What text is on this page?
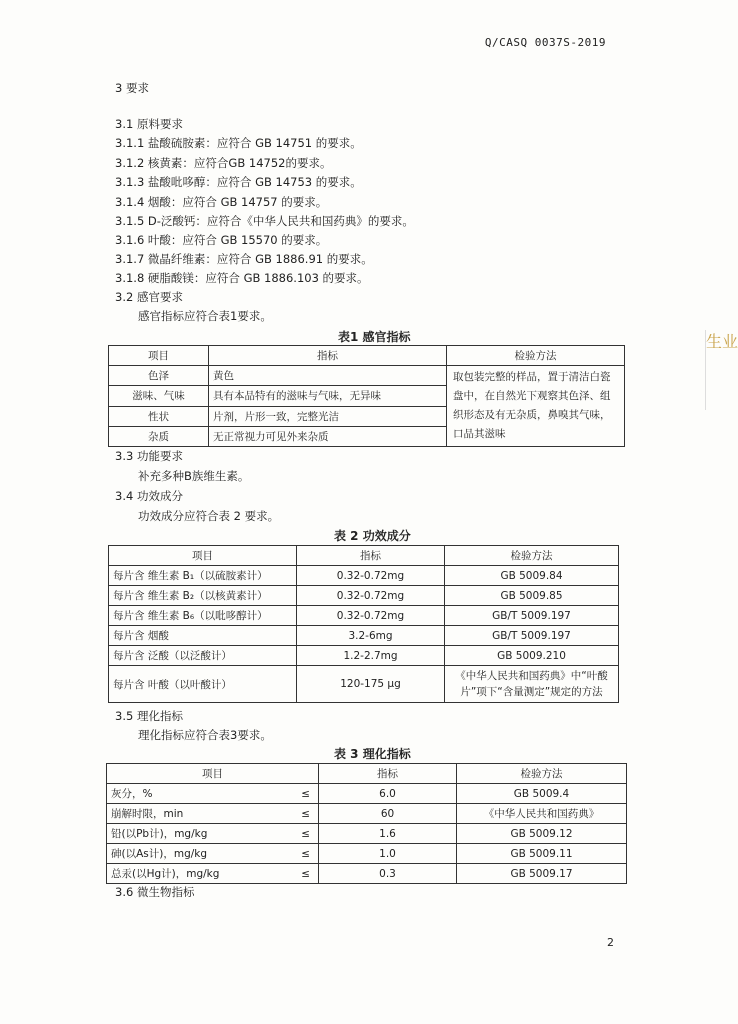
Q/CASQ 0037S-2019
3 要求
3.1 原料要求
3.1.1 盐酸硫胺素：应符合 GB 14751 的要求。
3.1.2 核黄素：应符合GB 14752的要求。
3.1.3 盐酸吡哆醇：应符合 GB 14753 的要求。
3.1.4 烟酸：应符合 GB 14757 的要求。
3.1.5 D-泛酸钙：应符合《中华人民共和国药典》的要求。
3.1.6 叶酸：应符合 GB 15570 的要求。
3.1.7 微晶纤维素：应符合 GB 1886.91 的要求。
3.1.8 硬脂酸镁：应符合 GB 1886.103 的要求。
3.2 感官要求
感官指标应符合表1要求。
表1 感官指标
项目	指标	检验方法
色泽	黄色	取包装完整的样品，置于清洁白瓷盘中，在自然光下观察其色泽、组织形态及有无杂质，鼻嗅其气味，口品其滋味
滋味、气味	具有本品特有的滋味与气味，无异味	
性状	片剂，片形一致，完整光洁	
杂质	无正常视力可见外来杂质	
3.3 功能要求
补充多种B族维生素。
3.4 功效成分
功效成分应符合表 2 要求。
表 2 功效成分
项目	指标	检验方法
每片含 维生素 B₁（以硫胺素计）	0.32-0.72mg	GB 5009.84
每片含 维生素 B₂（以核黄素计）	0.32-0.72mg	GB 5009.85
每片含 维生素 B₆（以吡哆醇计）	0.32-0.72mg	GB/T 5009.197
每片含 烟酸	3.2-6mg	GB/T 5009.197
每片含 泛酸（以泛酸计）	1.2-2.7mg	GB 5009.210
每片含 叶酸（以叶酸计）	120-175 μg	《中华人民共和国药典》中“叶酸片”项下“含量测定”规定的方法
3.5 理化指标
理化指标应符合表3要求。
表 3 理化指标
项目		指标	检验方法
灰分，%	≤	6.0	GB 5009.4
崩解时限，min	≤	60	《中华人民共和国药典》
铅(以Pb计)，mg/kg	≤	1.6	GB 5009.12
砷(以As计)，mg/kg	≤	1.0	GB 5009.11
总汞(以Hg计)，mg/kg	≤	0.3	GB 5009.17
3.6 微生物指标
2
生业
